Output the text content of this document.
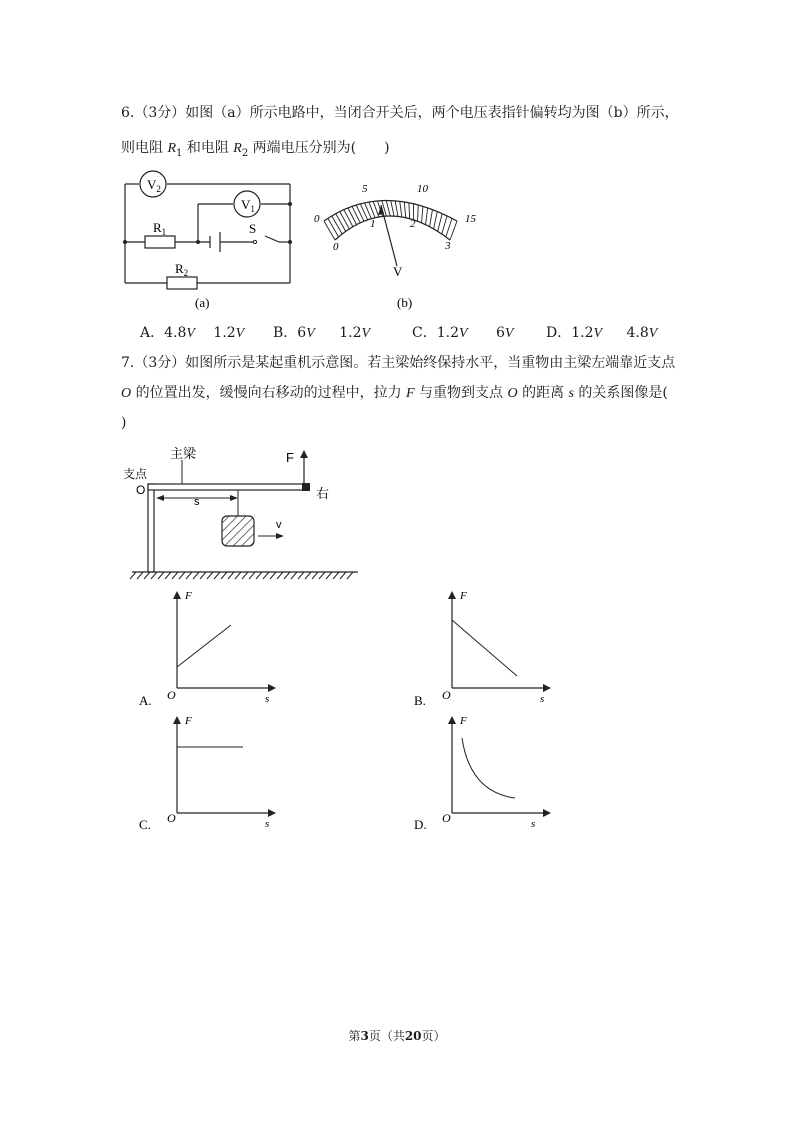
6.（3分）如图（a）所示电路中，当闭合开关后，两个电压表指针偏转均为图（b）所示，
则电阻 $R_1$ 和电阻 $R_2$ 两端电压分别为(　　)
$V_2$
$V_1$
$R_1$
$R_2$
S
(a)
0
5	10
15
0
1	2
3
V
(b)
A．4.8V 1.2V B．6V 1.2V	C．1.2V 6V D．1.2V 4.8V
7.（3分）如图所示是某起重机示意图。若主梁始终保持水平，当重物由主梁左端靠近支点
O 的位置出发，缓慢向右移动的过程中，拉力 F 与重物到支点 O 的距离 s 的关系图像是(
)
主梁
支点
O
F
右
s
v
F
s
O
A.
F
s
O
B.
F
s
O
C.
F
s
O
D.
第3页（共20页）
